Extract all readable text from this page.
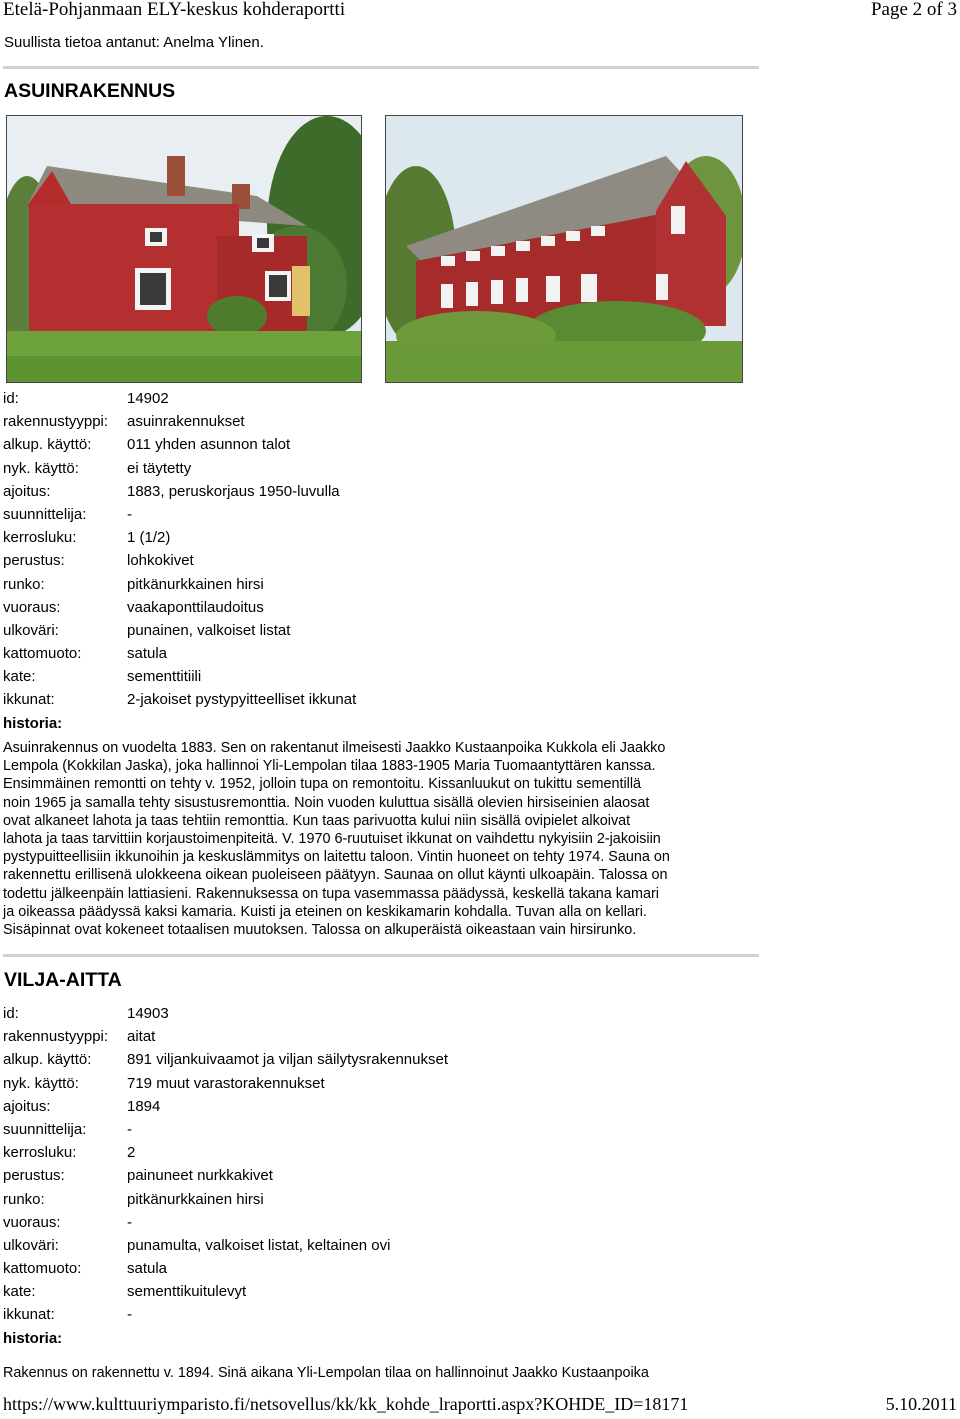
Etelä-Pohjanmaan ELY-keskus kohderaportti	Page 2 of 3
Suullista tietoa antanut: Anelma Ylinen.
ASUINRAKENNUS
id:	14902
rakennustyyppi: asuinrakennukset
alkup. käyttö: 011 yhden asunnon talot
nyk. käyttö:	ei täytetty
ajoitus:	1883, peruskorjaus 1950-luvulla
suunnittelija:	-
kerrosluku:	1 (1/2)
perustus:	lohkokivet
runko:	pitkänurkkainen hirsi
vuoraus:	vaakaponttilaudoitus
ulkoväri:	punainen, valkoiset listat
kattomuoto:	satula
kate:	sementtitiili
ikkunat:	2-jakoiset pystypyitteelliset ikkunat
historia:
Asuinrakennus on vuodelta 1883. Sen on rakentanut ilmeisesti Jaakko Kustaanpoika Kukkola eli Jaakko
Lempola (Kokkilan Jaska), joka hallinnoi Yli-Lempolan tilaa 1883-1905 Maria Tuomaantyttären kanssa.
Ensimmäinen remontti on tehty v. 1952, jolloin tupa on remontoitu. Kissanluukut on tukittu sementillä
noin 1965 ja samalla tehty sisustusremonttia. Noin vuoden kuluttua sisällä olevien hirsiseinien alaosat
ovat alkaneet lahota ja taas tehtiin remonttia. Kun taas parivuotta kului niin sisällä ovipielet alkoivat
lahota ja taas tarvittiin korjaustoimenpiteitä. V. 1970 6-ruutuiset ikkunat on vaihdettu nykyisiin 2-jakoisiin
pystypuitteellisiin ikkunoihin ja keskuslämmitys on laitettu taloon. Vintin huoneet on tehty 1974. Sauna on
rakennettu erillisenä ulokkeena oikean puoleiseen päätyyn. Saunaa on ollut käynti ulkoapäin. Talossa on
todettu jälkeenpäin lattiasieni. Rakennuksessa on tupa vasemmassa päädyssä, keskellä takana kamari
ja oikeassa päädyssä kaksi kamaria. Kuisti ja eteinen on keskikamarin kohdalla. Tuvan alla on kellari.
Sisäpinnat ovat kokeneet totaalisen muutoksen. Talossa on alkuperäistä oikeastaan vain hirsirunko.
VILJA-AITTA
id:	14903
rakennustyyppi: aitat
alkup. käyttö: 891 viljankuivaamot ja viljan säilytysrakennukset
nyk. käyttö:	719 muut varastorakennukset
ajoitus:	1894
suunnittelija:	-
kerrosluku:	2
perustus:	painuneet nurkkakivet
runko:	pitkänurkkainen hirsi
vuoraus:	-
ulkoväri:	punamulta, valkoiset listat, keltainen ovi
kattomuoto:	satula
kate:	sementtikuitulevyt
ikkunat:	-
historia:
Rakennus on rakennettu v. 1894. Sinä aikana Yli-Lempolan tilaa on hallinnoinut Jaakko Kustaanpoika
https://www.kulttuuriymparisto.fi/netsovellus/kk/kk_kohde_lraportti.aspx?KOHDE_ID=18171	5.10.2011
